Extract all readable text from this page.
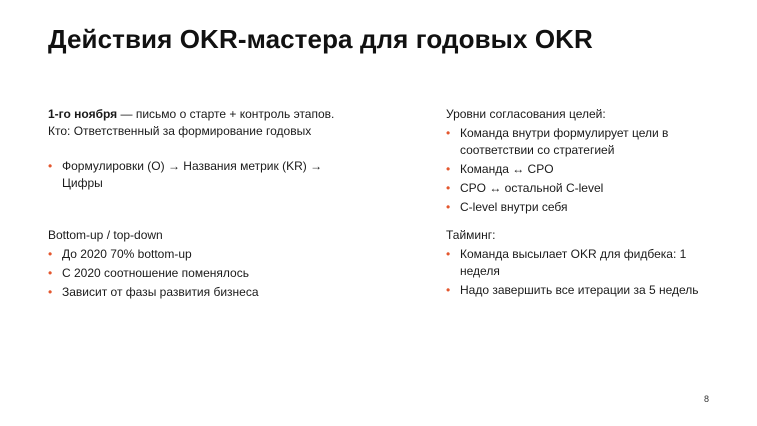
Действия OKR-мастера для годовых OKR

1-го ноября — письмо о старте + контроль этапов.

Кто: Ответственный за формирование годовых

• Формулировки (O) → Названия метрик (KR) → Цифры

Bottom-up / top-down

• До 2020 70% bottom-up
• С 2020 соотношение поменялось
• Зависит от фазы развития бизнеса

Уровни согласования целей:

• Команда внутри формулирует цели в соответствии со стратегией
• Команда ↔ CPO
• CPO ↔ остальной C-level
• C-level внутри себя

Тайминг:

• Команда высылает OKR для фидбека: 1 неделя
• Надо завершить все итерации за 5 недель
8
